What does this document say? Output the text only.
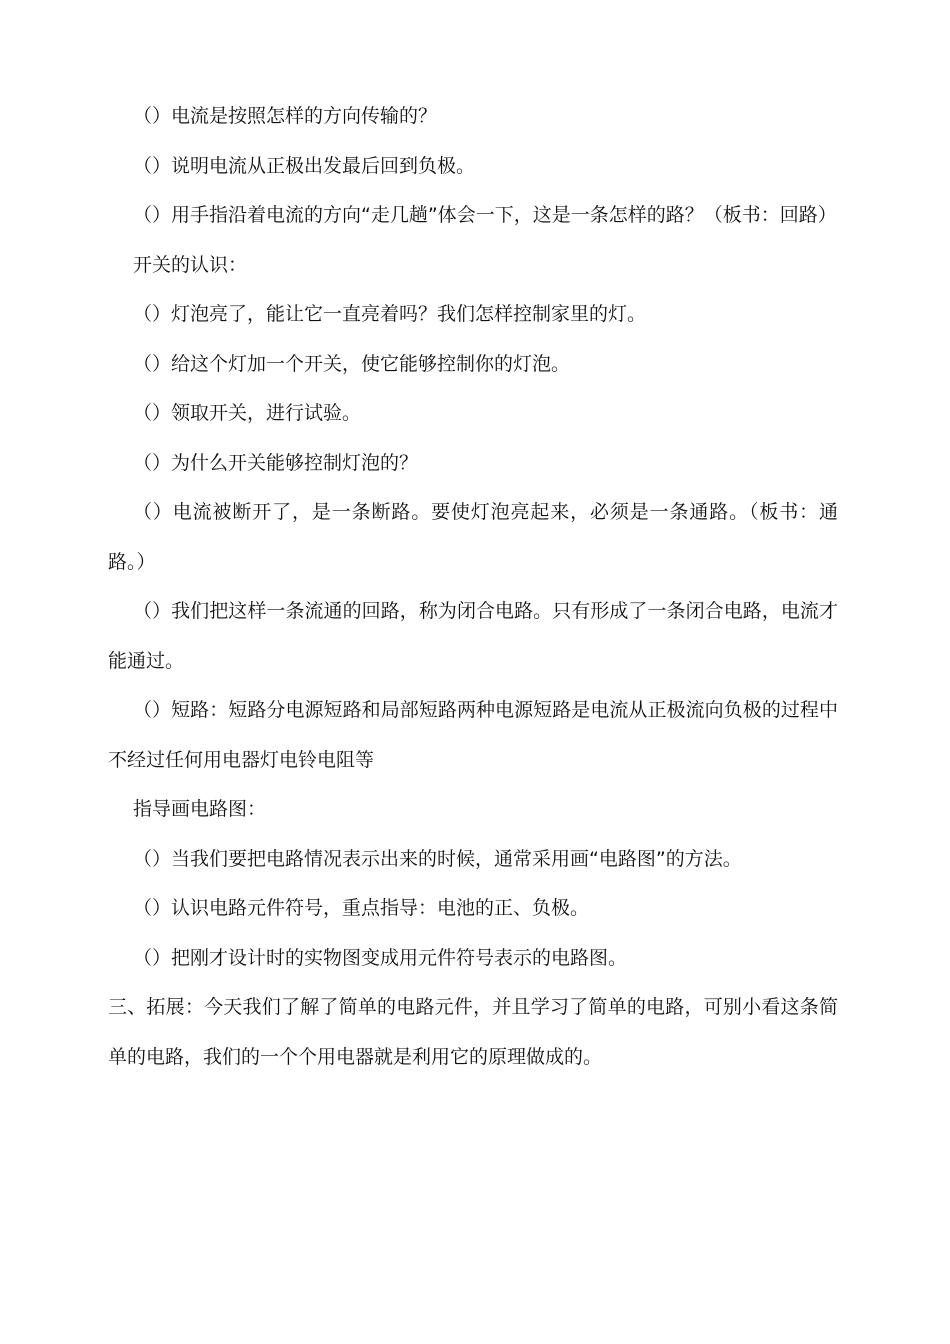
（）电流是按照怎样的方向传输的？

（）说明电流从正极出发最后回到负极。

（）用手指沿着电流的方向“走几趟”体会一下，这是一条怎样的路？（板书：回路）

开关的认识：

（）灯泡亮了，能让它一直亮着吗？我们怎样控制家里的灯。

（）给这个灯加一个开关，使它能够控制你的灯泡。

（）领取开关，进行试验。

（）为什么开关能够控制灯泡的？

（）电流被断开了，是一条断路。要使灯泡亮起来，必须是一条通路。（板书：通路。）

（）我们把这样一条流通的回路，称为闭合电路。只有形成了一条闭合电路，电流才能通过。

（）短路：短路分电源短路和局部短路两种电源短路是电流从正极流向负极的过程中不经过任何用电器灯电铃电阻等

指导画电路图：

（）当我们要把电路情况表示出来的时候，通常采用画“电路图”的方法。

（）认识电路元件符号，重点指导：电池的正、负极。

（）把刚才设计时的实物图变成用元件符号表示的电路图。

三、拓展：今天我们了解了简单的电路元件，并且学习了简单的电路，可别小看这条简单的电路，我们的一个个用电器就是利用它的原理做成的。
